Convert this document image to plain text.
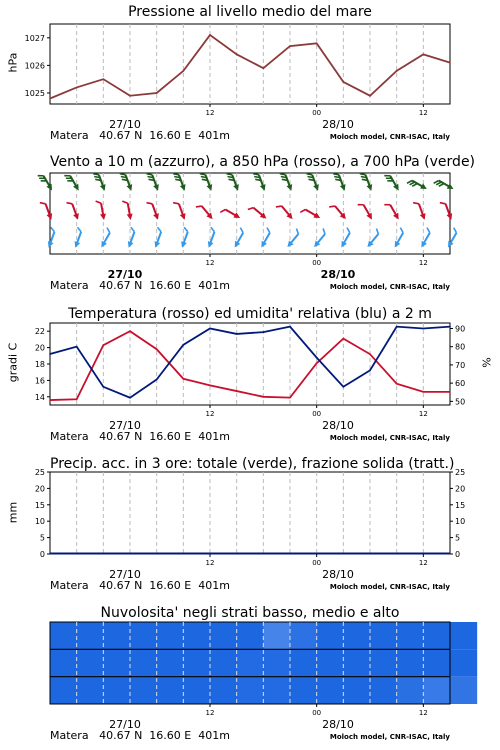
Pressione al livello medio del mare
hPa
12	00	12
1025
1026
1027
27/10	28/10
Matera 40.67 N 16.60 E 401m	Moloch model, CNR-ISAC, Italy
Vento a 10 m (azzurro), a 850 hPa (rosso), a 700 hPa (verde)
12	00	12
27/10	28/10
Matera 40.67 N 16.60 E 401m	Moloch model, CNR-ISAC, Italy
Temperatura (rosso) ed umidita' relativa (blu) a 2 m
gradi C	%
12	00	12
14
16
18
20
22
50
60
70
80
90
27/10	28/10
Matera 40.67 N 16.60 E 401m	Moloch model, CNR-ISAC, Italy
Precip. acc. in 3 ore: totale (verde), frazione solida (tratt.)
mm
12	00	12
0
5
10
15
20
25
0
5
10
15
20
25
27/10	28/10
Matera 40.67 N 16.60 E 401m	Moloch model, CNR-ISAC, Italy
Nuvolosita' negli strati basso, medio e alto
12	00	12
27/10	28/10
Matera 40.67 N 16.60 E 401m	Moloch model, CNR-ISAC, Italy
